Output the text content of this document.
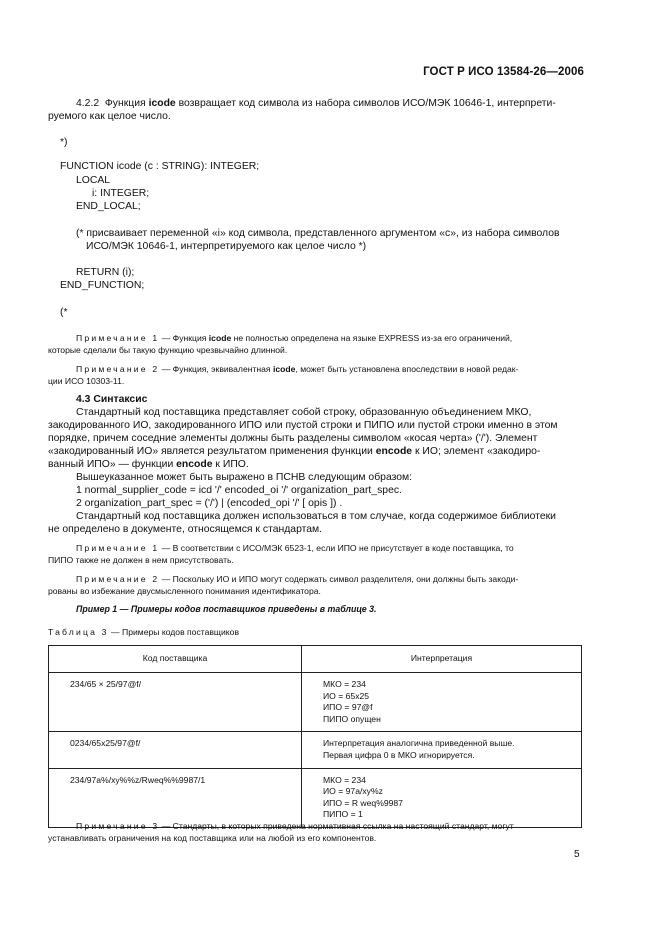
ГОСТ Р ИСО 13584-26—2006
4.2.2 Функция icode возвращает код символа из набора символов ИСО/МЭК 10646-1, интерпрети-
руемого как целое число.
*)
FUNCTION icode (c : STRING): INTEGER;
LOCAL
i: INTEGER;
END_LOCAL;
(* присваивает переменной «i» код символа, представленного аргументом «c», из набора символов
ИСО/МЭК 10646-1, интерпретируемого как целое число *)
RETURN (i);
END_FUNCTION;
(*
Примечание 1 — Функция icode не полностью определена на языке EXPRESS из-за его ограничений,
которые сделали бы такую функцию чрезвычайно длинной.
Примечание 2 — Функция, эквивалентная icode, может быть установлена впоследствии в новой редак-
ции ИСО 10303-11.
4.3 Синтаксис
Стандартный код поставщика представляет собой строку, образованную объединением МКО,
закодированного ИО, закодированного ИПО или пустой строки и ПИПО или пустой строки именно в этом
порядке, причем соседние элементы должны быть разделены символом «косая черта» ('/'). Элемент
«закодированный ИО» является результатом применения функции encode к ИО; элемент «закодиро-
ванный ИПО» — функции encode к ИПО.
Вышеуказанное может быть выражено в ПСНВ следующим образом:
1 normal_supplier_code = icd '/' encoded_oi '/' organization_part_spec.
2 organization_part_spec = ('/') | (encoded_opi '/' [ opis ]) .
Стандартный код поставщика должен использоваться в том случае, когда содержимое библиотеки
не определено в документе, относящемся к стандартам.
Примечание 1 — В соответствии с ИСО/МЭК 6523-1, если ИПО не присутствует в коде поставщика, то
ПИПО также не должен в нем присутствовать.
Примечание 2 — Поскольку ИО и ИПО могут содержать символ разделителя, они должны быть закоди-
рованы во избежание двусмысленного понимания идентификатора.
Пример 1 — Примеры кодов поставщиков приведены в таблице 3.
Таблица 3 — Примеры кодов поставщиков
Код поставщика	Интерпретация
234/65 × 25/97@f/	МКО = 234
ИО = 65x25
ИПО = 97@f
ПИПО опущен

0234/65x25/97@f/	Интерпретация аналогична приведенной выше.
Первая цифра 0 в МКО игнорируется.

234/97a%/xy%%z/Rweq%%9987/1	МКО = 234
ИО = 97a/xy%z
ИПО = R weq%9987
ПИПО = 1
Примечание 3 — Стандарты, в которых приведена нормативная ссылка на настоящий стандарт, могут
устанавливать ограничения на код поставщика или на любой из его компонентов.
5
